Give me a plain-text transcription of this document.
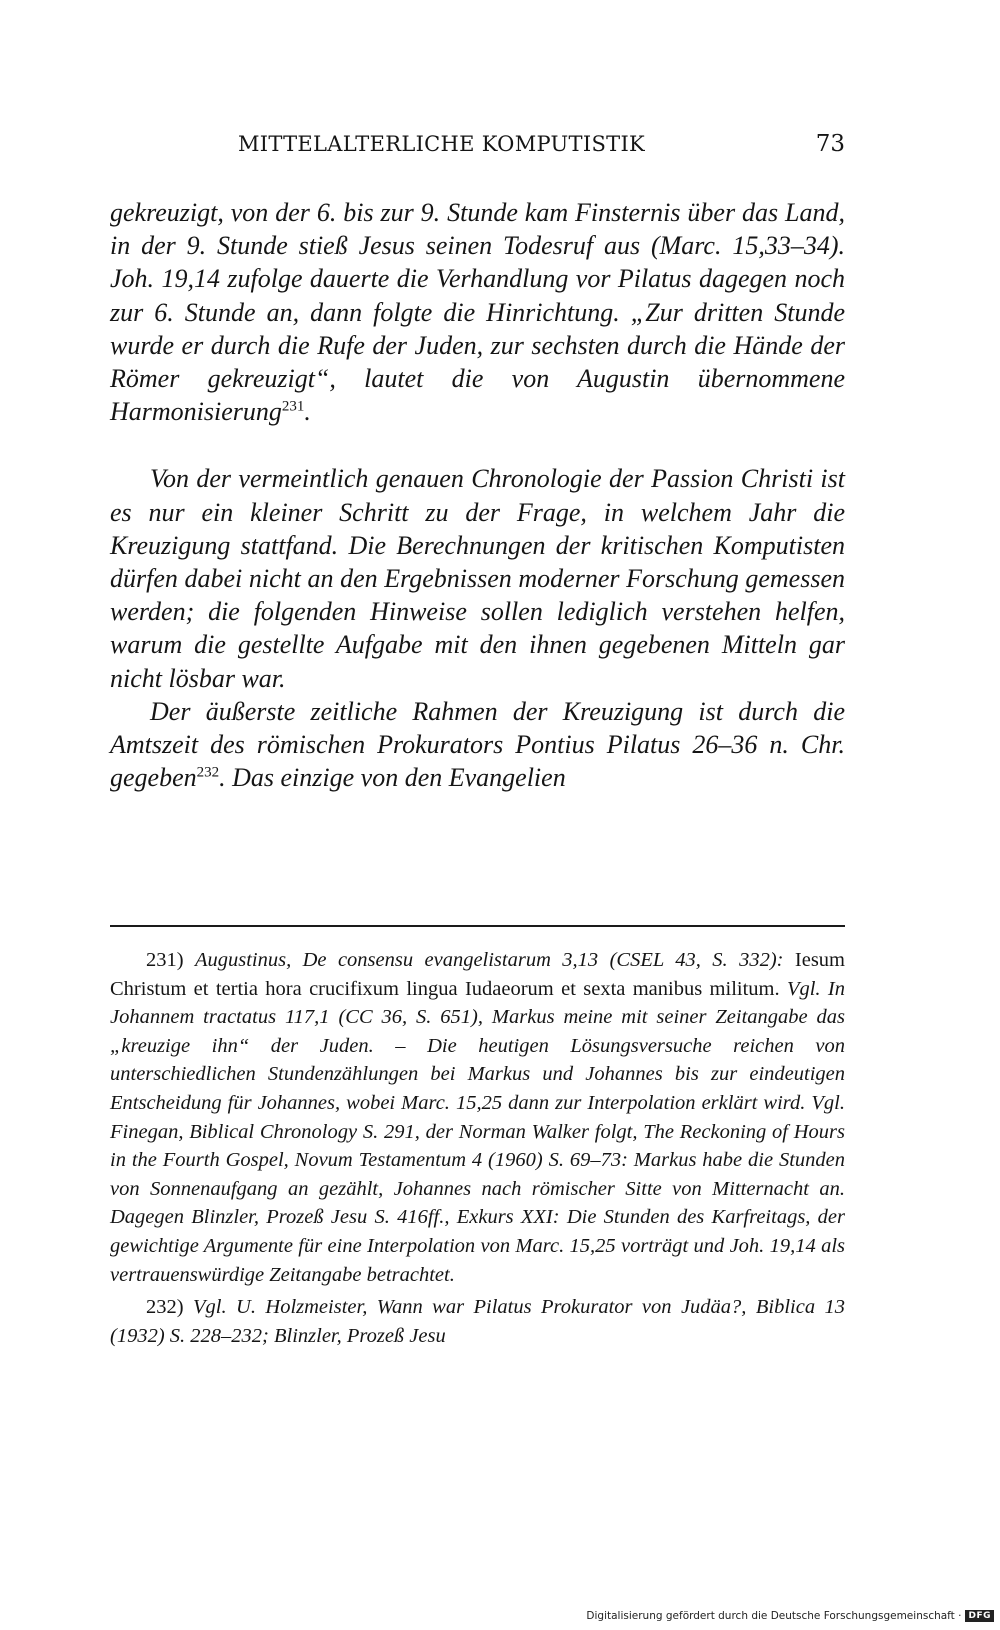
MITTELALTERLICHE KOMPUTISTIK	73

gekreuzigt, von der 6. bis zur 9. Stunde kam Finsternis über das Land, in der 9. Stunde stieß Jesus seinen Todesruf aus (Marc. 15,33–34). Joh. 19,14 zufolge dauerte die Verhandlung vor Pilatus dagegen noch zur 6. Stunde an, dann folgte die Hinrichtung. „Zur dritten Stunde wurde er durch die Rufe der Juden, zur sechsten durch die Hände der Römer gekreuzigt“, lautet die von Augustin übernommene Harmonisierung$^{231}$.

Von der vermeintlich genauen Chronologie der Passion Christi ist es nur ein kleiner Schritt zu der Frage, in welchem Jahr die Kreuzigung stattfand. Die Berechnungen der kritischen Komputisten dürfen dabei nicht an den Ergebnissen moderner Forschung gemessen werden; die folgenden Hinweise sollen lediglich verstehen helfen, warum die gestellte Aufgabe mit den ihnen gegebenen Mitteln gar nicht lösbar war.

Der äußerste zeitliche Rahmen der Kreuzigung ist durch die Amtszeit des römischen Prokurators Pontius Pilatus 26–36 n. Chr. gegeben$^{232}$. Das einzige von den Evangelien

231) Augustinus, De consensu evangelistarum 3,13 (CSEL 43, S. 332): Iesum Christum et tertia hora crucifixum lingua Iudaeorum et sexta manibus militum. Vgl. In Johannem tractatus 117,1 (CC 36, S. 651), Markus meine mit seiner Zeitangabe das „kreuzige ihn“ der Juden. – Die heutigen Lösungsversuche reichen von unterschiedlichen Stundenzählungen bei Markus und Johannes bis zur eindeutigen Entscheidung für Johannes, wobei Marc. 15,25 dann zur Interpolation erklärt wird. Vgl. Finegan, Biblical Chronology S. 291, der Norman Walker folgt, The Reckoning of Hours in the Fourth Gospel, Novum Testamentum 4 (1960) S. 69–73: Markus habe die Stunden von Sonnenaufgang an gezählt, Johannes nach römischer Sitte von Mitternacht an. Dagegen Blinzler, Prozeß Jesu S. 416ff., Exkurs XXI: Die Stunden des Karfreitags, der gewichtige Argumente für eine Interpolation von Marc. 15,25 vorträgt und Joh. 19,14 als vertrauenswürdige Zeitangabe betrachtet.

232) Vgl. U. Holzmeister, Wann war Pilatus Prokurator von Judäa?, Biblica 13 (1932) S. 228–232; Blinzler, Prozeß Jesu

Digitalisierung gefördert durch die Deutsche Forschungsgemeinschaft · DFG
